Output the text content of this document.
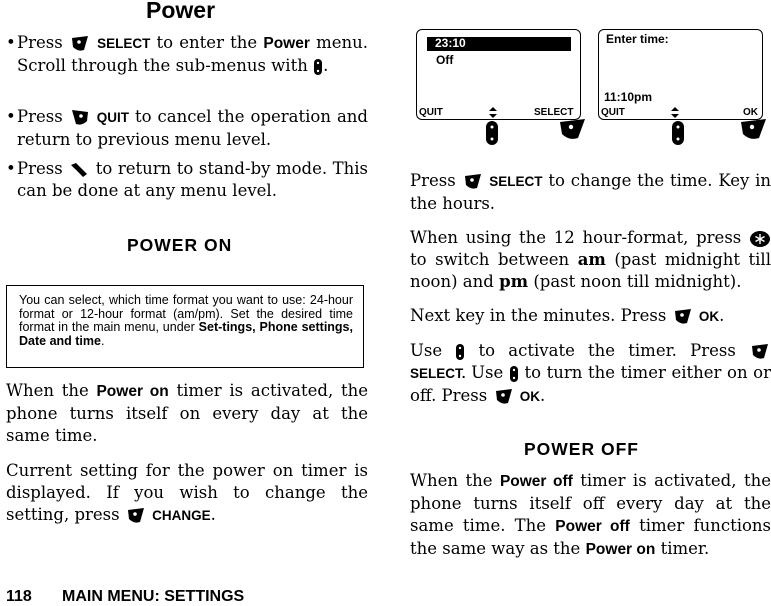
Power
• Press	SELECT to enter the Power menu. Scroll through the sub-menus with .
• Press	QUIT to cancel the operation and return to previous menu level.
• Press to return to stand-by mode. This can be done at any menu level.
POWER ON
You can select, which time format you want to use: 24-hour format or 12-hour format (am/pm). Set the desired time format in the main menu, under Set-tings, Phone settings, Date and time.
When the Power on timer is activated, the phone turns itself on every day at the same time.
Current setting for the power on timer is displayed. If you wish to change the setting, press CHANGE.
23:10
Off
QUIT	SELECT
Enter time:
11:10pm
QUIT	OK
Press SELECT to change the time. Key in the hours.
When using the 12 hour-format, press  to switch between am (past midnight till noon) and pm (past noon till midnight).
Next key in the minutes. Press OK.
Use to activate the timer. Press  SELECT. Use to turn the timer either on or off. Press OK.
POWER OFF
When the Power off timer is activated, the phone turns itself off every day at the same time. The Power off timer functions the same way as the Power on timer.
118 MAIN MENU: SETTINGS
